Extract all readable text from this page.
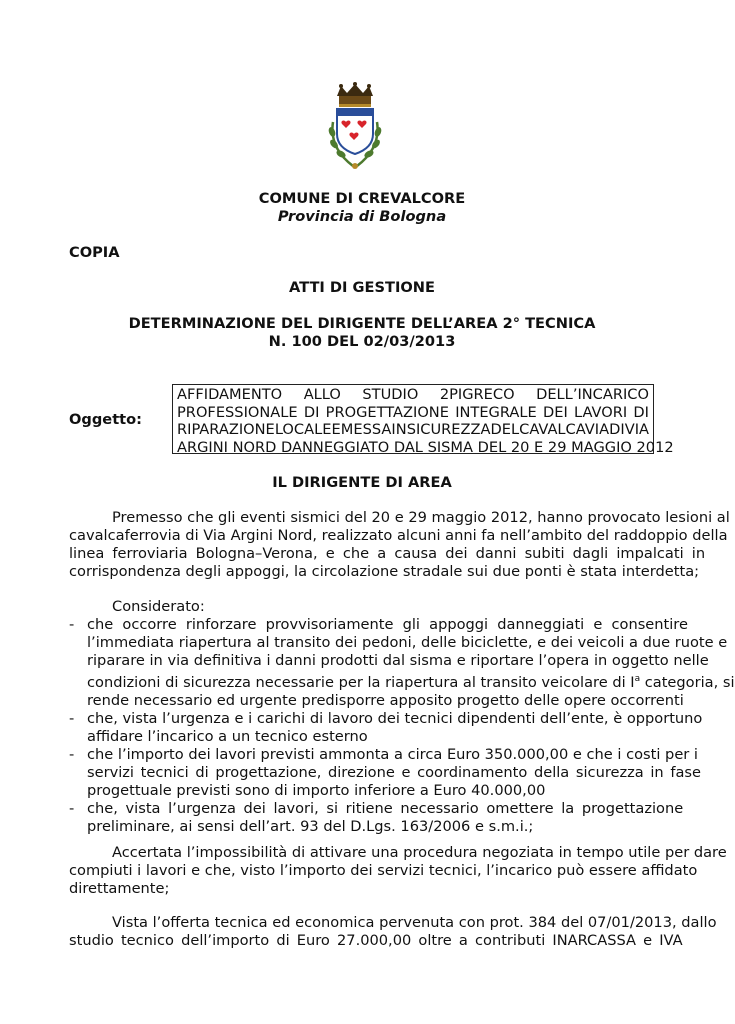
COMUNE DI CREVALCORE
Provincia di Bologna
COPIA
ATTI DI GESTIONE
DETERMINAZIONE DEL DIRIGENTE DELL’AREA 2° TECNICA
N. 100 DEL 02/03/2013
Oggetto:
AFFIDAMENTO ALLO STUDIO 2PIGRECO DELL’INCARICO
PROFESSIONALE DI PROGETTAZIONE INTEGRALE DEI LAVORI DI
RIPARAZIONE LOCALE E MESSA IN SICUREZZA DEL CAVALCAVIA DI VIA
ARGINI NORD DANNEGGIATO DAL SISMA DEL 20 E 29 MAGGIO 2012
IL DIRIGENTE DI AREA
Premesso che gli eventi sismici del 20 e 29 maggio 2012, hanno provocato lesioni al
cavalcaferrovia di Via Argini Nord, realizzato alcuni anni fa nell’ambito del raddoppio della
linea ferroviaria Bologna–Verona, e che a causa dei danni subiti dagli impalcati in
corrispondenza degli appoggi, la circolazione stradale sui due ponti è stata interdetta;
Considerato:
- che occorre rinforzare provvisoriamente gli appoggi danneggiati e consentire
l’immediata riapertura al transito dei pedoni, delle biciclette, e dei veicoli a due ruote e
riparare in via definitiva i danni prodotti dal sisma e riportare l’opera in oggetto nelle
condizioni di sicurezza necessarie per la riapertura al transito veicolare di $I^a$ categoria, si
rende necessario ed urgente predisporre apposito progetto delle opere occorrenti
- che, vista l’urgenza e i carichi di lavoro dei tecnici dipendenti dell’ente, è opportuno
affidare l’incarico a un tecnico esterno
- che l’importo dei lavori previsti ammonta a circa Euro 350.000,00 e che i costi per i
servizi tecnici di progettazione, direzione e coordinamento della sicurezza in fase
progettuale previsti sono di importo inferiore a Euro 40.000,00
- che, vista l’urgenza dei lavori, si ritiene necessario omettere la progettazione
preliminare, ai sensi dell’art. 93 del D.Lgs. 163/2006 e s.m.i.;
Accertata l’impossibilità di attivare una procedura negoziata in tempo utile per dare
compiuti i lavori e che, visto l’importo dei servizi tecnici, l’incarico può essere affidato
direttamente;
Vista l’offerta tecnica ed economica pervenuta con prot. 384 del 07/01/2013, dallo
studio tecnico dell’importo di Euro 27.000,00 oltre a contributi INARCASSA e IVA
